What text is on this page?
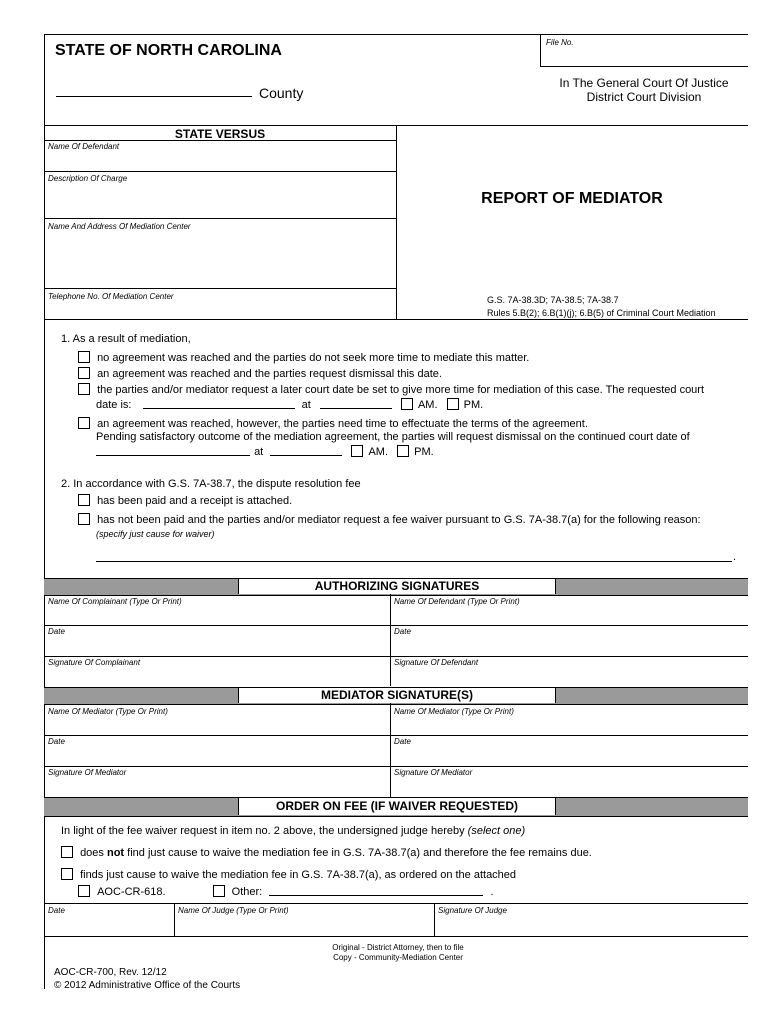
File No.
STATE OF NORTH CAROLINA
County
In The General Court Of Justice
District Court Division
STATE VERSUS
Name Of Defendant
Description Of Charge
Name And Address Of Mediation Center
Telephone No. Of Mediation Center
REPORT OF MEDIATOR
G.S. 7A-38.3D; 7A-38.5; 7A-38.7
Rules 5.B(2); 6.B(1)(j); 6.B(5) of Criminal Court Mediation
1. As a result of mediation,
no agreement was reached and the parties do not seek more time to mediate this matter.
an agreement was reached and the parties request dismissal this date.
the parties and/or mediator request a later court date be set to give more time for mediation of this case. The requested court
date is:	at	AM. PM.
an agreement was reached, however, the parties need time to effectuate the terms of the agreement.
Pending satisfactory outcome of the mediation agreement, the parties will request dismissal on the continued court date of
at	AM. PM.
2. In accordance with G.S. 7A-38.7, the dispute resolution fee
has been paid and a receipt is attached.
has not been paid and the parties and/or mediator request a fee waiver pursuant to G.S. 7A-38.7(a) for the following reason:
(specify just cause for waiver)
.
AUTHORIZING SIGNATURES
Name Of Complainant (Type Or Print)	Name Of Defendant (Type Or Print)
Date	Date
Signature Of Complainant	Signature Of Defendant
MEDIATOR SIGNATURE(S)
Name Of Mediator (Type Or Print)	Name Of Mediator (Type Or Print)
Date	Date
Signature Of Mediator	Signature Of Mediator
ORDER ON FEE (IF WAIVER REQUESTED)
In light of the fee waiver request in item no. 2 above, the undersigned judge hereby (select one)
does not find just cause to waive the mediation fee in G.S. 7A-38.7(a) and therefore the fee remains due.
finds just cause to waive the mediation fee in G.S. 7A-38.7(a), as ordered on the attached
AOC-CR-618.	Other:	.
Date	Name Of Judge (Type Or Print)	Signature Of Judge
Original - District Attorney, then to file
Copy - Community-Mediation Center
AOC-CR-700, Rev. 12/12
© 2012 Administrative Office of the Courts
